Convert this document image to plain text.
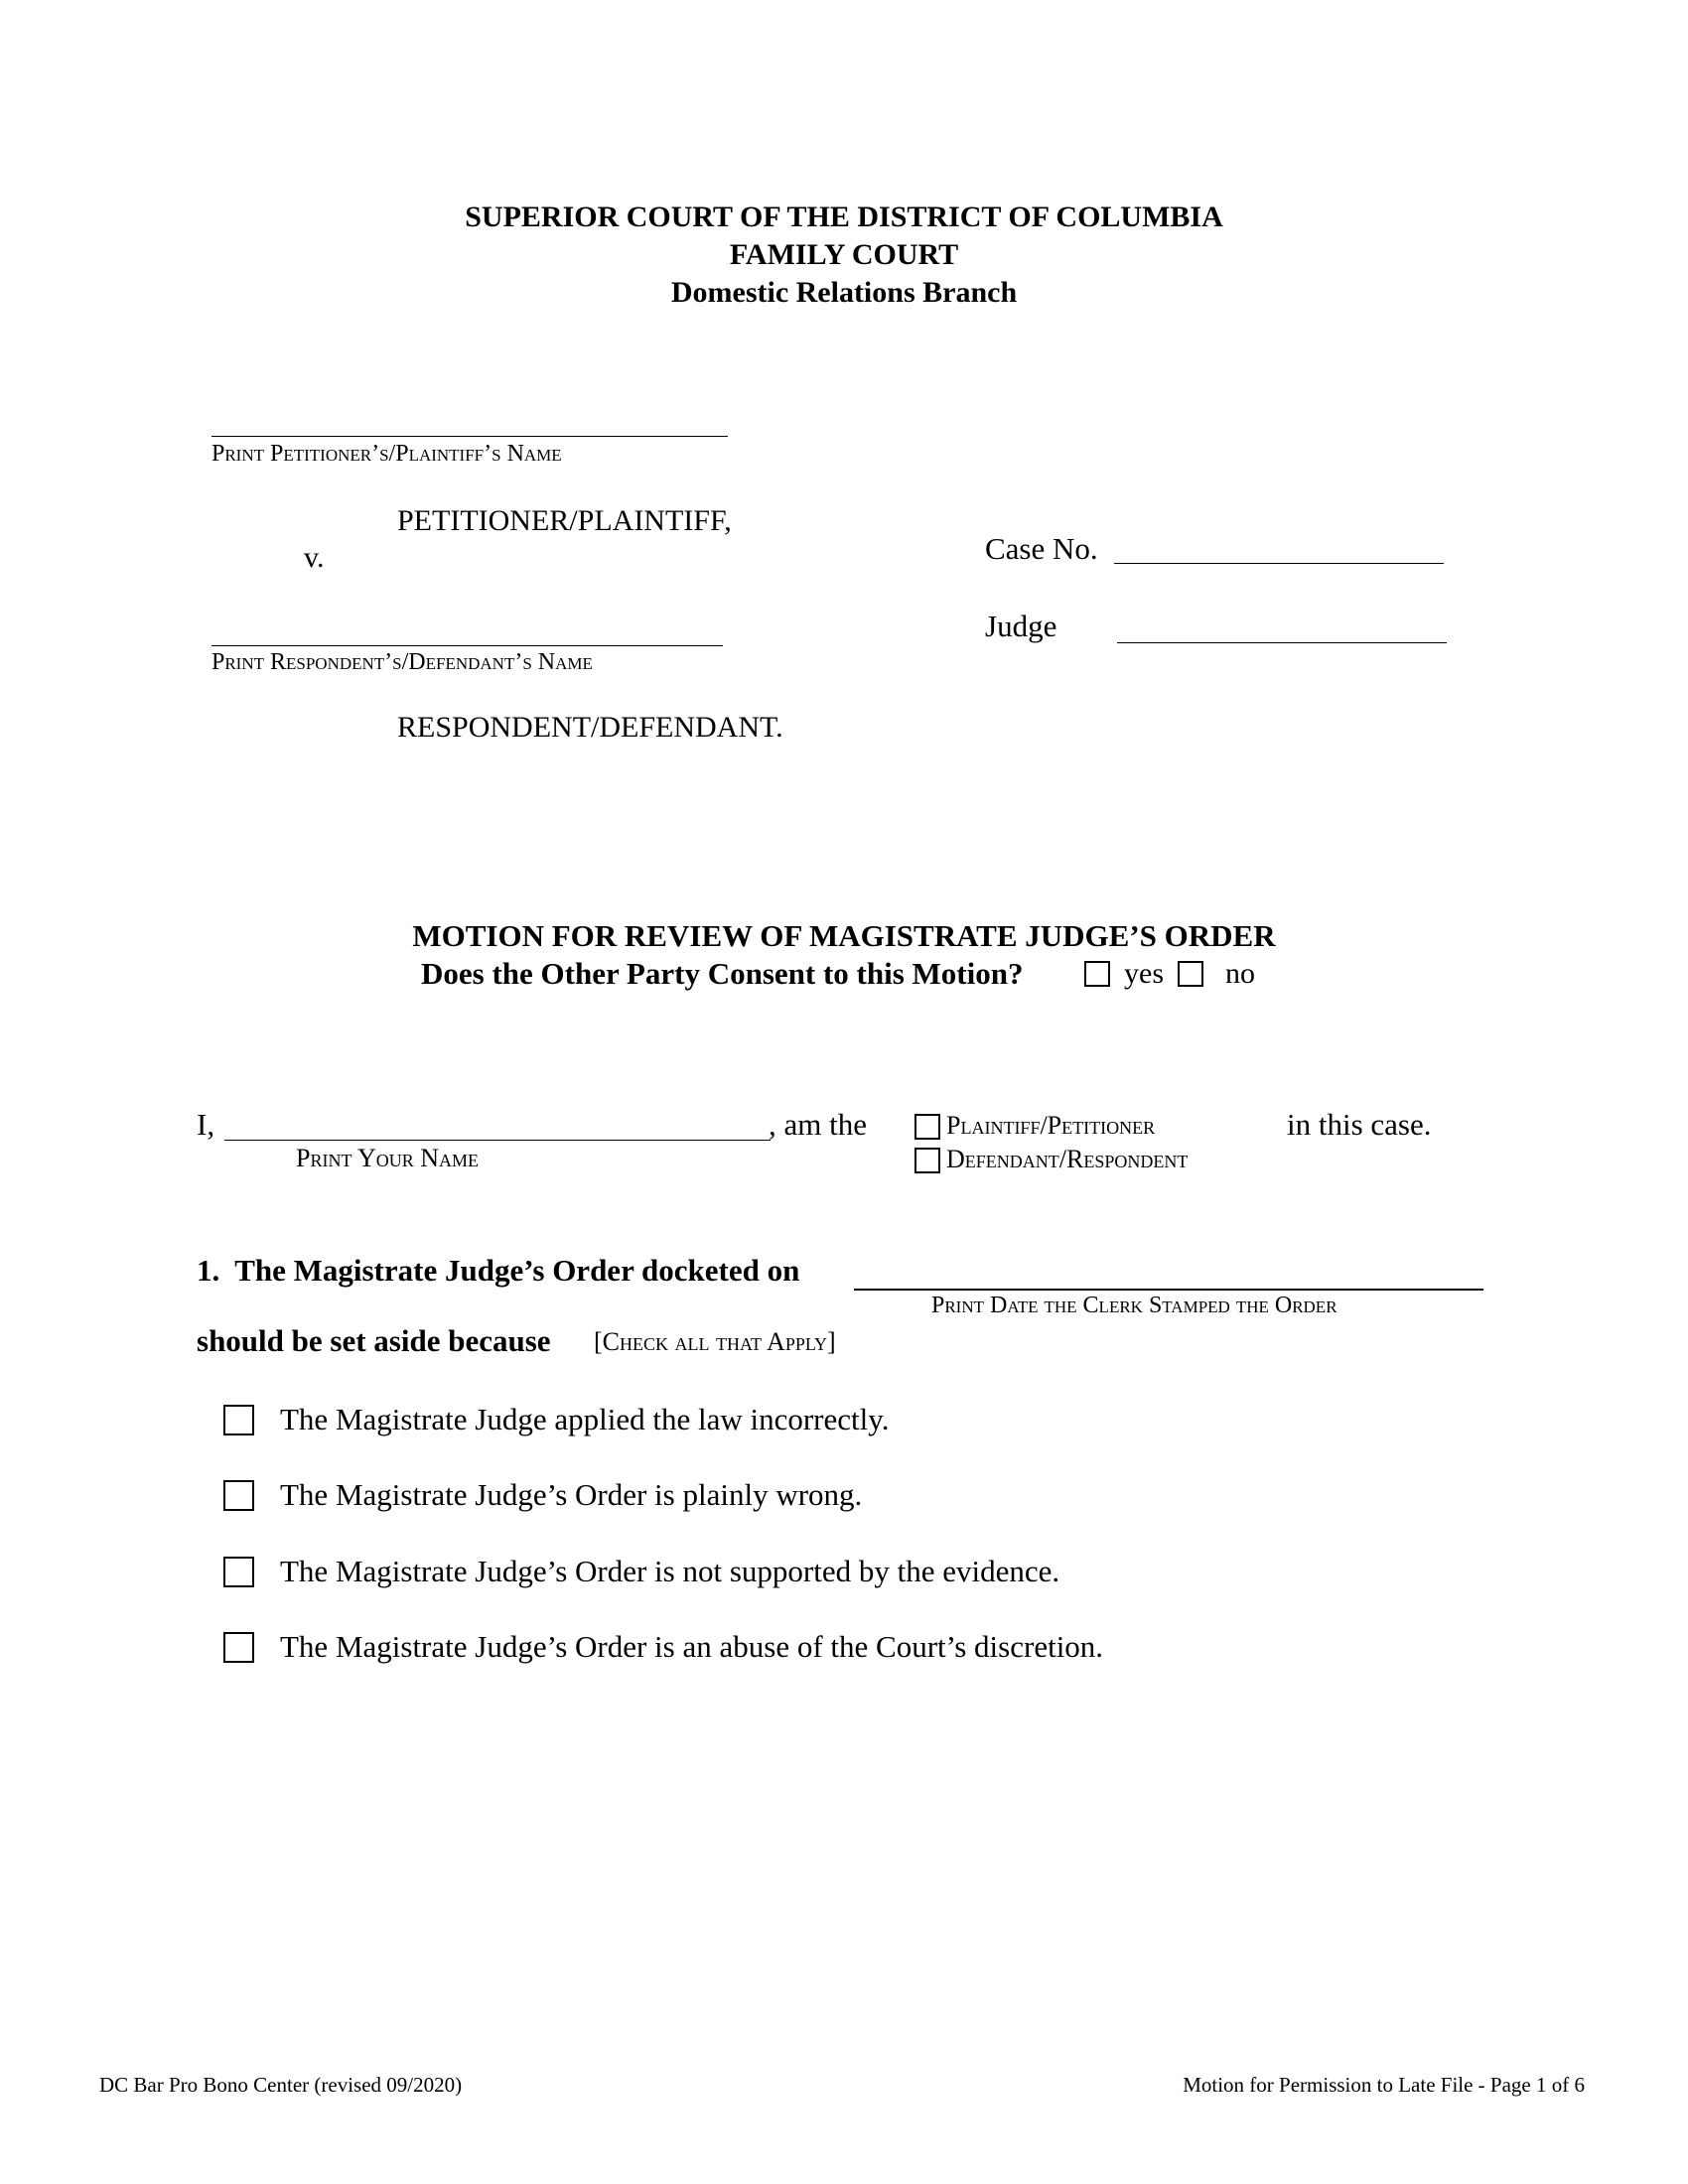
SUPERIOR COURT OF THE DISTRICT OF COLUMBIA
FAMILY COURT
Domestic Relations Branch
Print Petitioner’s/Plaintiff’s Name
PETITIONER/PLAINTIFF,
v.
Print Respondent’s/Defendant’s Name
RESPONDENT/DEFENDANT.
Case No.
Judge
MOTION FOR REVIEW OF MAGISTRATE JUDGE’S ORDER
Does the Other Party Consent to this Motion?	yes no
I,	, am the
Print Your Name
Plaintiff/Petitioner
Defendant/Respondent
in this case.
1.  The Magistrate Judge’s Order docketed on
Print Date the Clerk Stamped the Order
should be set aside because [Check all that Apply]
The Magistrate Judge applied the law incorrectly.
The Magistrate Judge’s Order is plainly wrong.
The Magistrate Judge’s Order is not supported by the evidence.
The Magistrate Judge’s Order is an abuse of the Court’s discretion.
DC Bar Pro Bono Center (revised 09/2020)	Motion for Permission to Late File - Page 1 of 6
